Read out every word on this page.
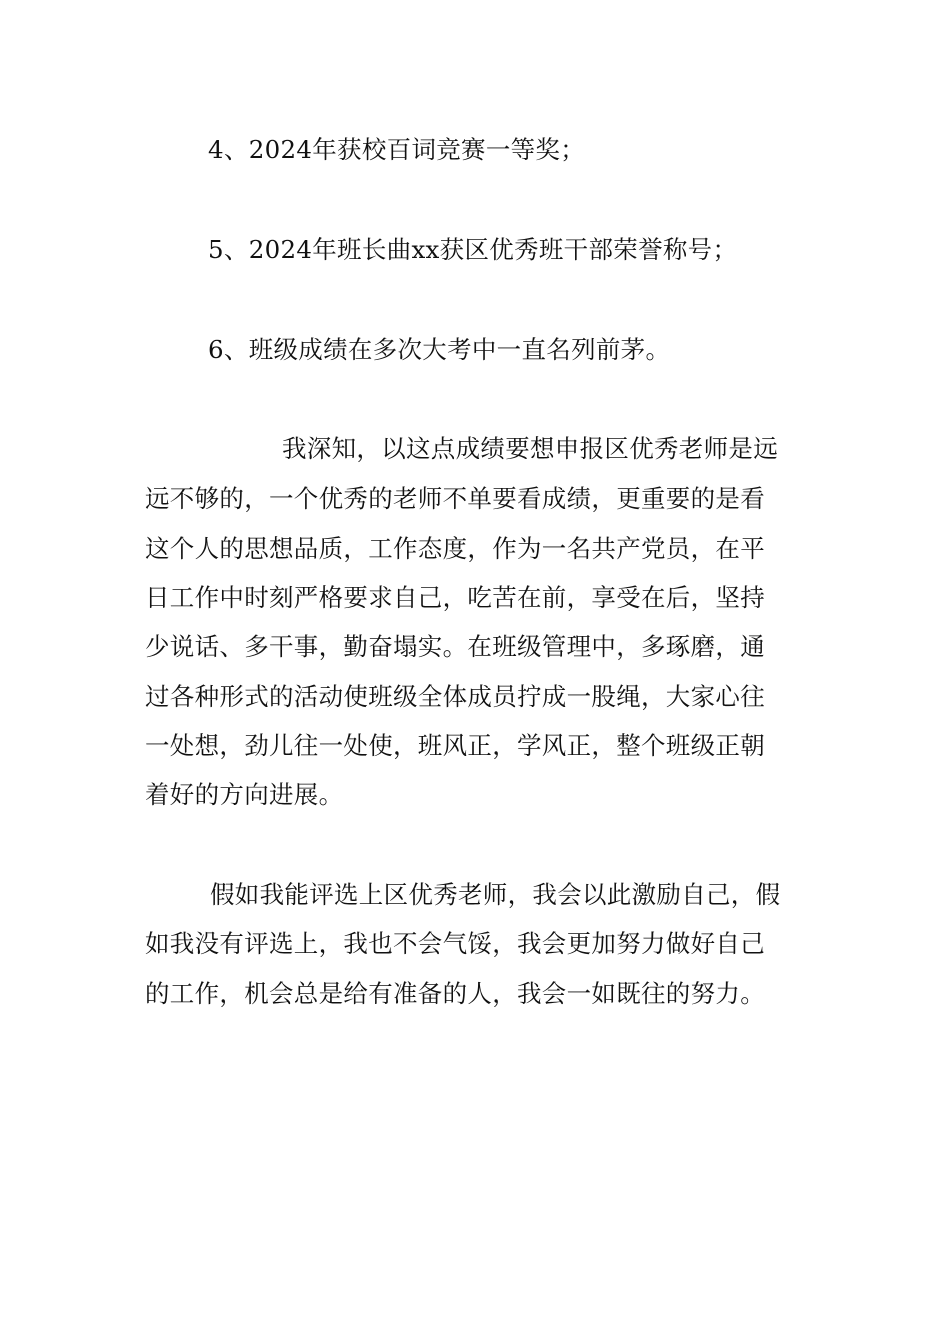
4、2024年获校百词竞赛一等奖；
5、2024年班长曲xx获区优秀班干部荣誉称号；
6、班级成绩在多次大考中一直名列前茅。
我深知，以这点成绩要想申报区优秀老师是远
远不够的，一个优秀的老师不单要看成绩，更重要的是看
这个人的思想品质，工作态度，作为一名共产党员，在平
日工作中时刻严格要求自己，吃苦在前，享受在后，坚持
少说话、多干事，勤奋塌实。在班级管理中，多琢磨，通
过各种形式的活动使班级全体成员拧成一股绳，大家心往
一处想，劲儿往一处使，班风正，学风正，整个班级正朝
着好的方向进展。
假如我能评选上区优秀老师，我会以此激励自己，假
如我没有评选上，我也不会气馁，我会更加努力做好自己
的工作，机会总是给有准备的人，我会一如既往的努力。
